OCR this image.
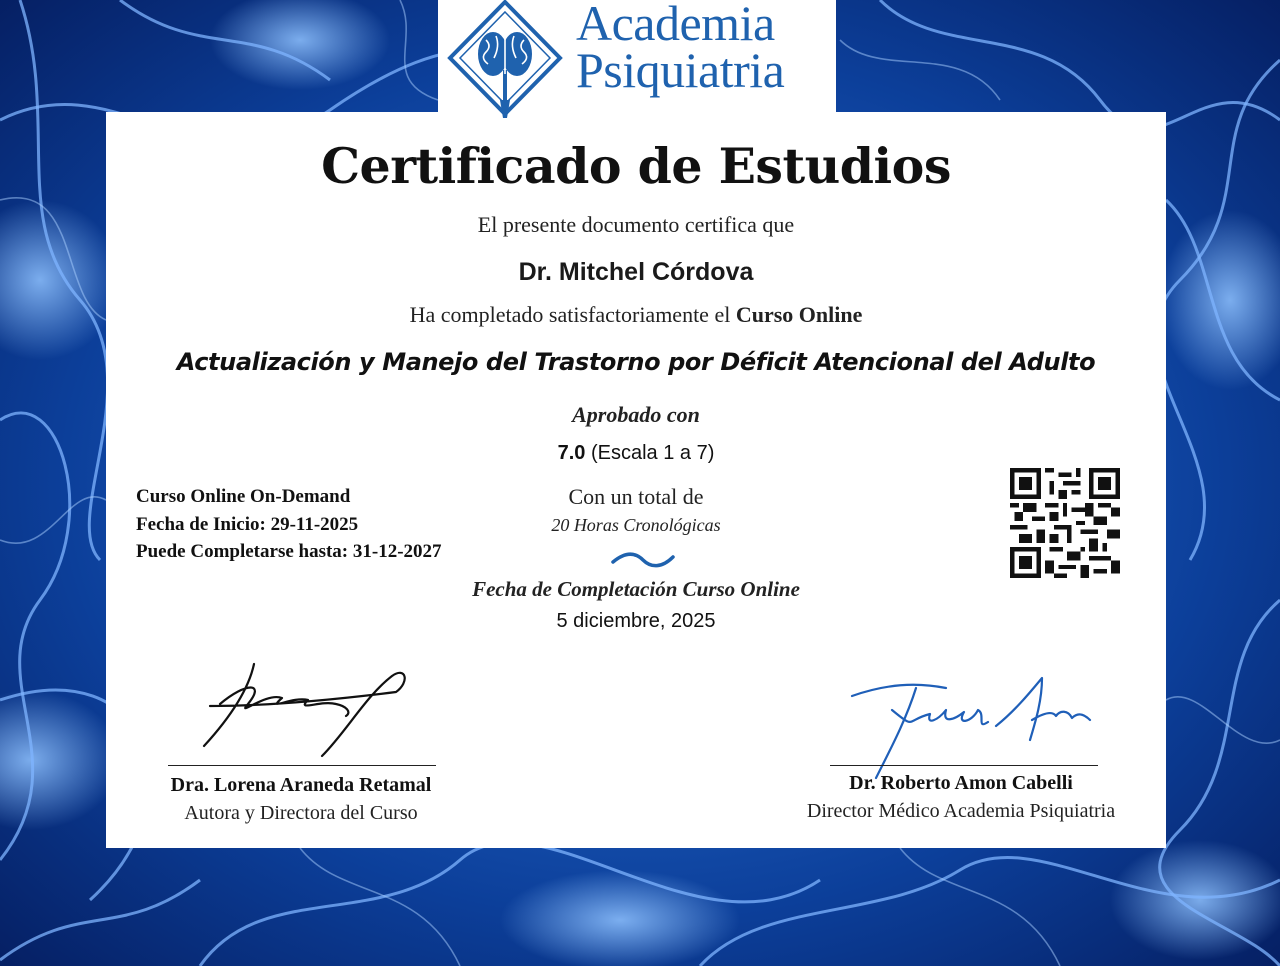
Academia
Psiquiatria
Certificado de Estudios
El presente documento certifica que
Dr. Mitchel Córdova
Ha completado satisfactoriamente el Curso Online
Actualización y Manejo del Trastorno por Déficit Atencional del Adulto
Aprobado con
7.0 (Escala 1 a 7)
Con un total de
20 Horas Cronológicas
Fecha de Completación Curso Online
5 diciembre, 2025
Curso Online On-Demand
Fecha de Inicio: 29-11-2025
Puede Completarse hasta: 31-12-2027
Dra. Lorena Araneda Retamal
Autora y Directora del Curso
Dr. Roberto Amon Cabelli
Director Médico Academia Psiquiatria
